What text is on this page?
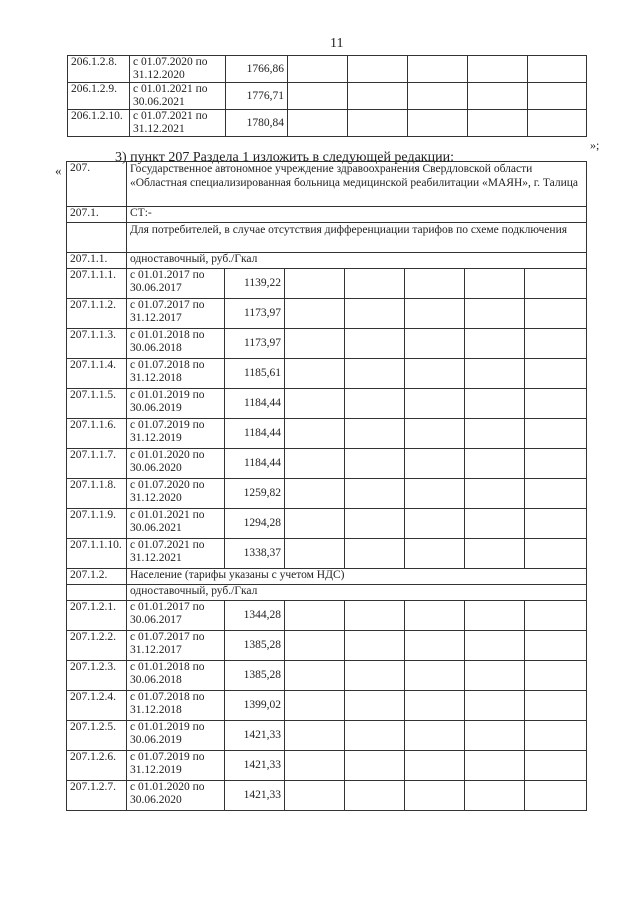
11
206.1.2.8.	с 01.07.2020 по 31.12.2020	1766,86					
206.1.2.9.	с 01.01.2021 по 30.06.2021	1776,71					
206.1.2.10.	с 01.07.2021 по 31.12.2021	1780,84					
»;
3) пункт 207 Раздела 1 изложить в следующей редакции:
« 207.	Государственное автономное учреждение здравоохранения Свердловской области «Областная специализированная больница медицинской реабилитации «МАЯН», г. Талица						
207.1.	СТ:-						
	Для потребителей, в случае отсутствия дифференциации тарифов по схеме подключения						
207.1.1.	одноставочный, руб./Гкал						
207.1.1.1.	с 01.01.2017 по 30.06.2017	1139,22					
207.1.1.2.	с 01.07.2017 по 31.12.2017	1173,97					
207.1.1.3.	с 01.01.2018 по 30.06.2018	1173,97					
207.1.1.4.	с 01.07.2018 по 31.12.2018	1185,61					
207.1.1.5.	с 01.01.2019 по 30.06.2019	1184,44					
207.1.1.6.	с 01.07.2019 по 31.12.2019	1184,44					
207.1.1.7.	с 01.01.2020 по 30.06.2020	1184,44					
207.1.1.8.	с 01.07.2020 по 31.12.2020	1259,82					
207.1.1.9.	с 01.01.2021 по 30.06.2021	1294,28					
207.1.1.10.	с 01.07.2021 по 31.12.2021	1338,37					
207.1.2.	Население (тарифы указаны с учетом НДС)						
	одноставочный, руб./Гкал						
207.1.2.1.	с 01.01.2017 по 30.06.2017	1344,28					
207.1.2.2.	с 01.07.2017 по 31.12.2017	1385,28					
207.1.2.3.	с 01.01.2018 по 30.06.2018	1385,28					
207.1.2.4.	с 01.07.2018 по 31.12.2018	1399,02					
207.1.2.5.	с 01.01.2019 по 30.06.2019	1421,33					
207.1.2.6.	с 01.07.2019 по 31.12.2019	1421,33					
207.1.2.7.	с 01.01.2020 по 30.06.2020	1421,33					
